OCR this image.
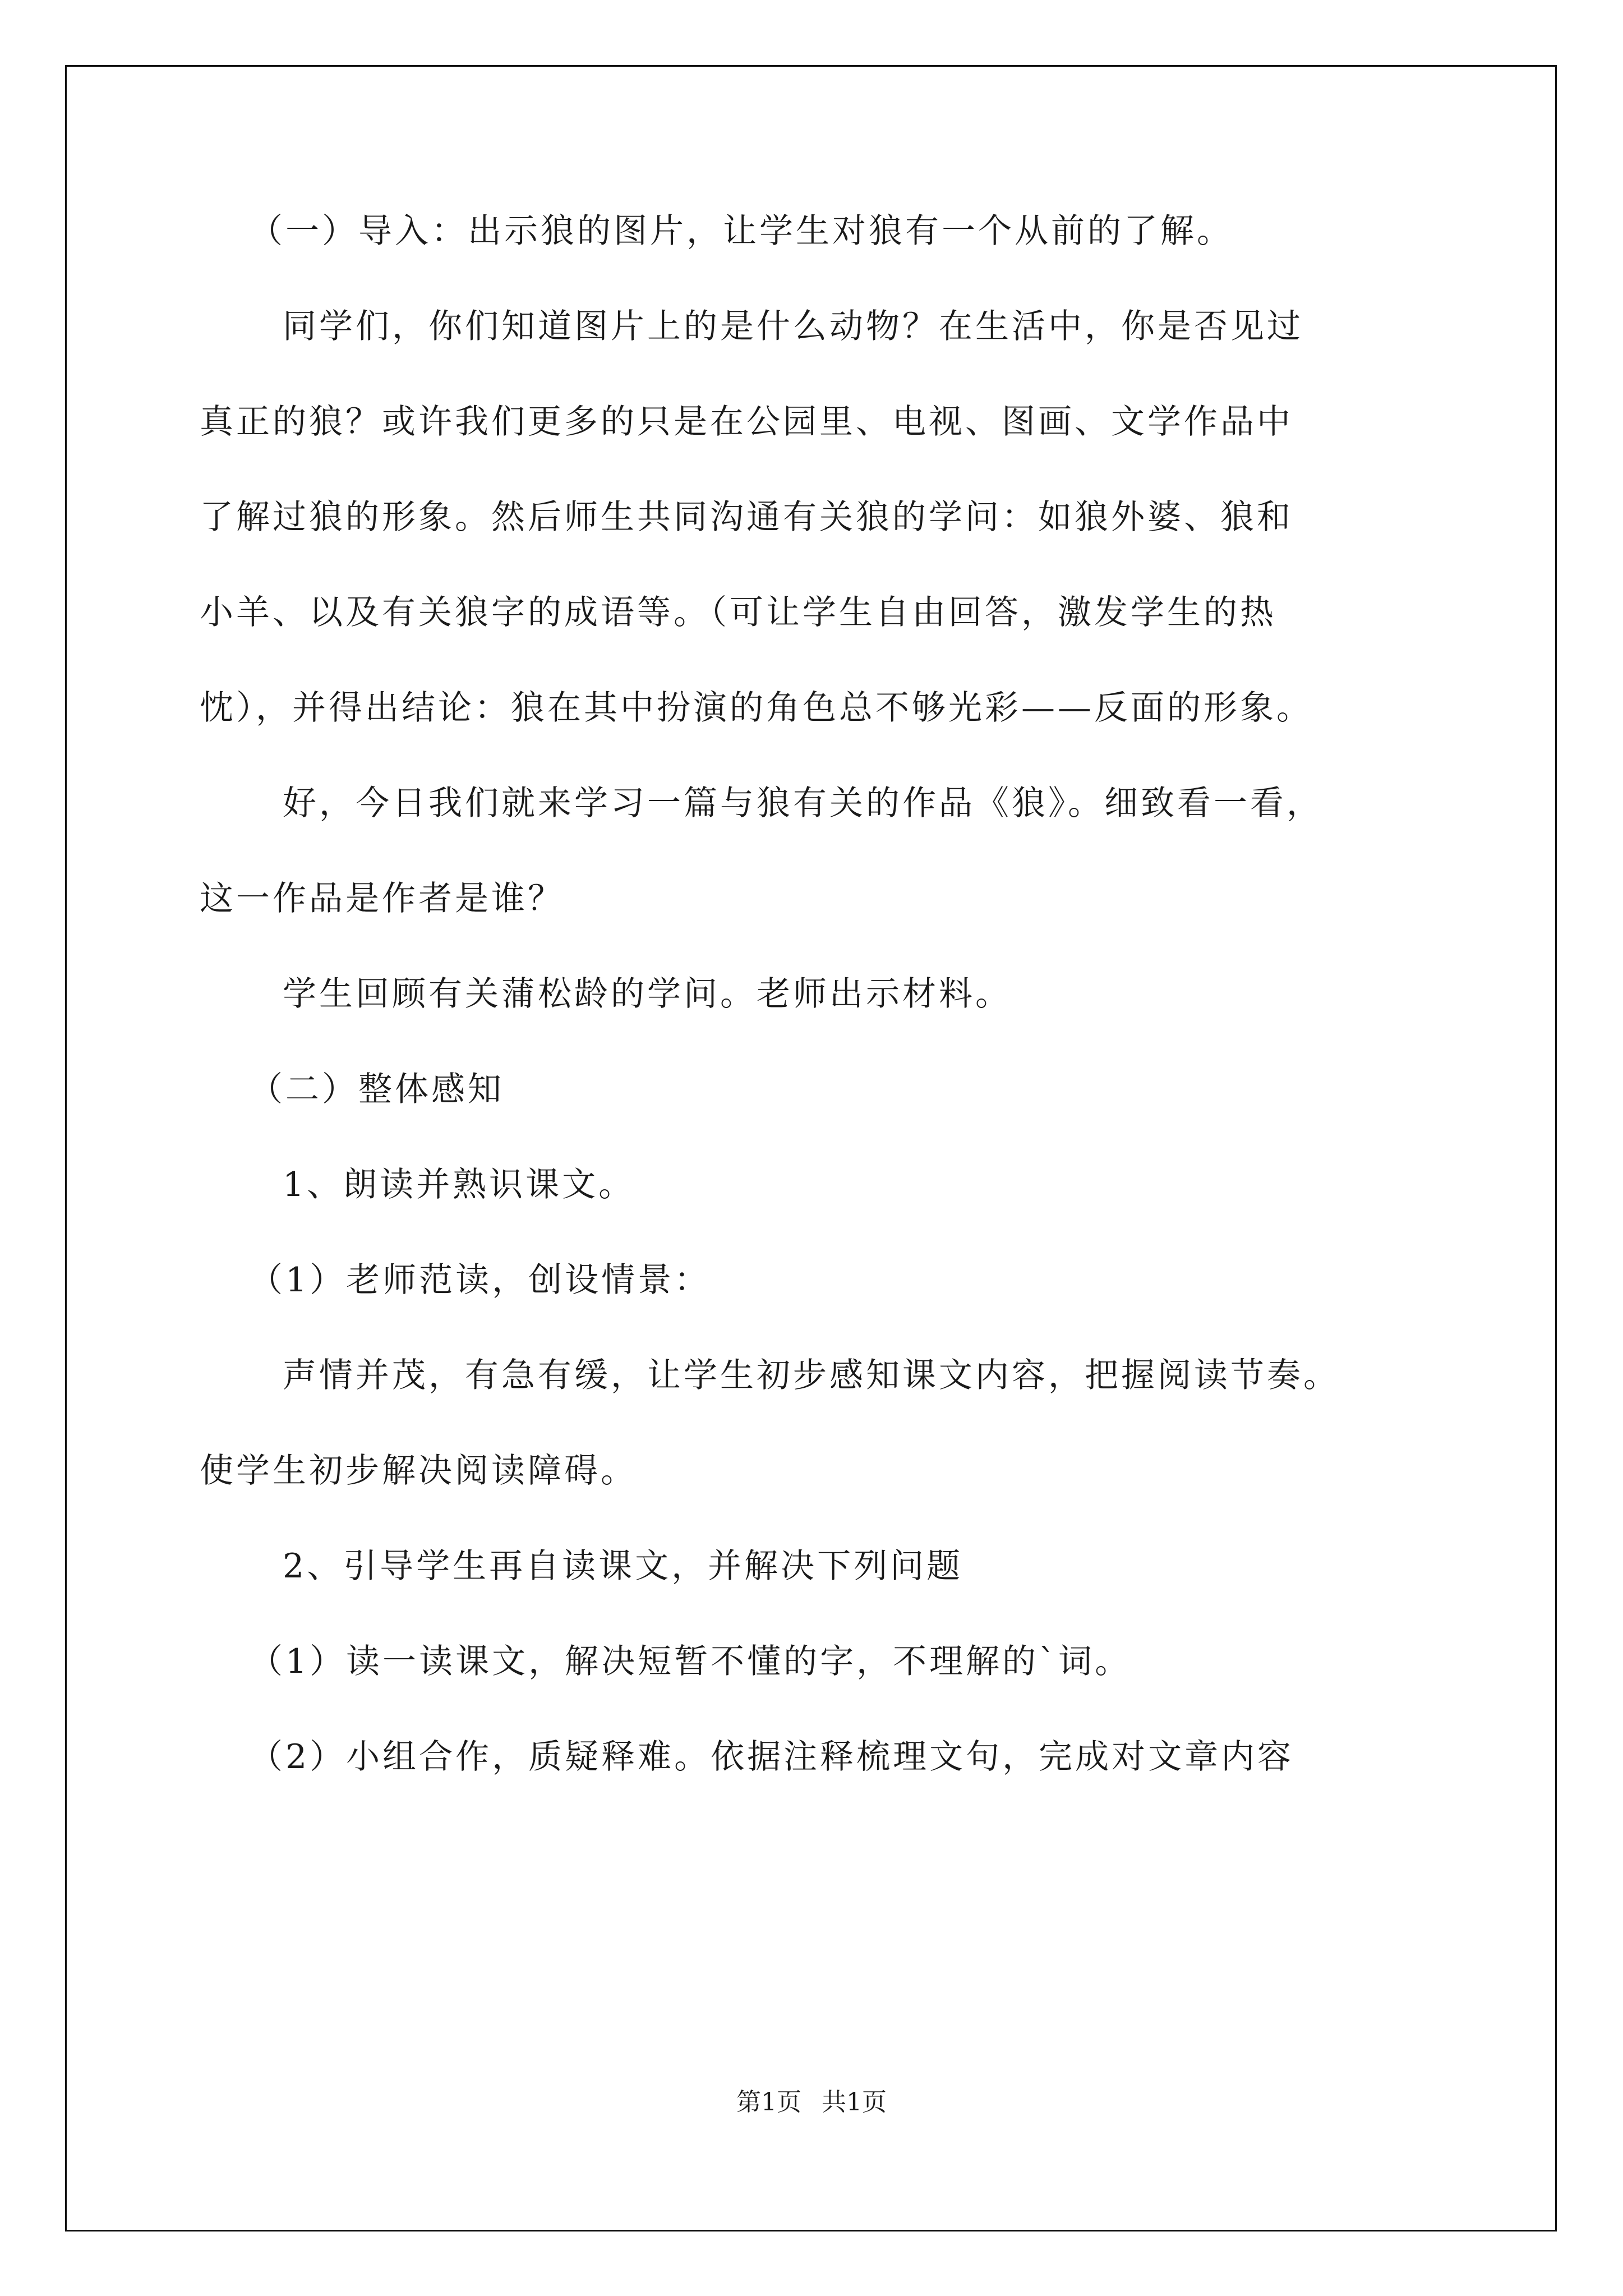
（一）导入：出示狼的图片，让学生对狼有一个从前的了解。
同学们，你们知道图片上的是什么动物？在生活中，你是否见过
真正的狼？或许我们更多的只是在公园里、电视、图画、文学作品中
了解过狼的形象。然后师生共同沟通有关狼的学问：如狼外婆、狼和
小羊、以及有关狼字的成语等。（可让学生自由回答，激发学生的热
忱），并得出结论：狼在其中扮演的角色总不够光彩——反面的形象。
好，今日我们就来学习一篇与狼有关的作品《狼》。细致看一看，
这一作品是作者是谁？
学生回顾有关蒲松龄的学问。老师出示材料。
（二）整体感知
1、朗读并熟识课文。
（1）老师范读，创设情景：
声情并茂，有急有缓，让学生初步感知课文内容，把握阅读节奏。
使学生初步解决阅读障碍。
2、引导学生再自读课文，并解决下列问题
（1）读一读课文，解决短暂不懂的字，不理解的`词。
（2）小组合作，质疑释难。依据注释梳理文句，完成对文章内容
第1页 共1页
